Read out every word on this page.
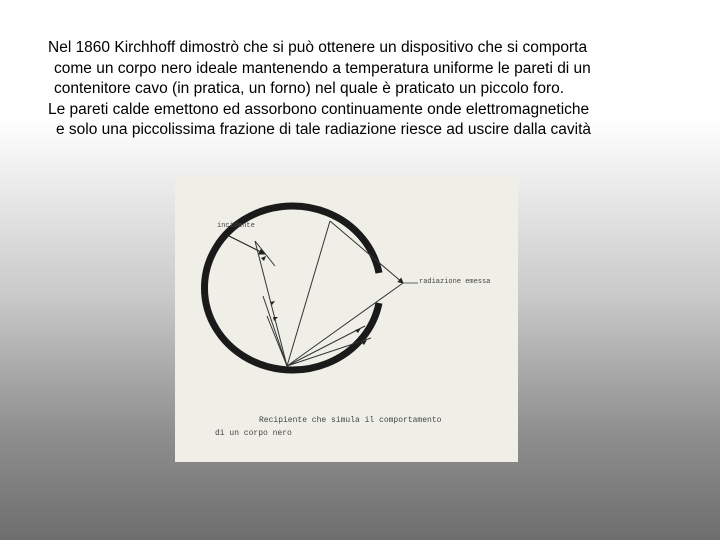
Nel 1860 Kirchhoff dimostrò che si può ottenere un dispositivo che si comporta
come un corpo nero ideale mantenendo a temperatura uniforme le pareti di un
contenitore cavo (in pratica, un forno) nel quale è praticato un piccolo foro.
Le pareti calde emettono ed assorbono continuamente onde elettromagnetiche
e solo una piccolissima frazione di tale radiazione riesce ad uscire dalla cavità
incidente
radiazione emessa
Recipiente che simula il comportamento
di un corpo nero
